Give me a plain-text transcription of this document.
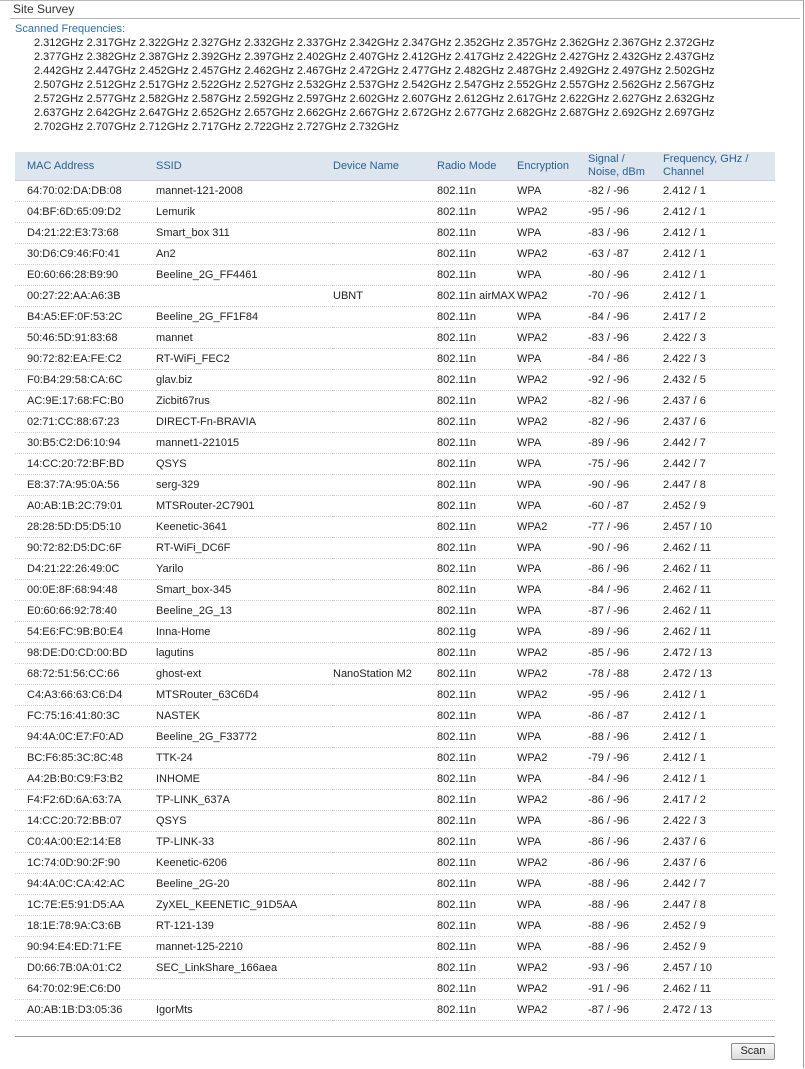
Site Survey
Scanned Frequencies:
2.312GHz 2.317GHz 2.322GHz 2.327GHz 2.332GHz 2.337GHz 2.342GHz 2.347GHz 2.352GHz 2.357GHz 2.362GHz 2.367GHz 2.372GHz 2.377GHz 2.382GHz 2.387GHz 2.392GHz 2.397GHz 2.402GHz 2.407GHz 2.412GHz 2.417GHz 2.422GHz 2.427GHz 2.432GHz 2.437GHz 2.442GHz 2.447GHz 2.452GHz 2.457GHz 2.462GHz 2.467GHz 2.472GHz 2.477GHz 2.482GHz 2.487GHz 2.492GHz 2.497GHz 2.502GHz 2.507GHz 2.512GHz 2.517GHz 2.522GHz 2.527GHz 2.532GHz 2.537GHz 2.542GHz 2.547GHz 2.552GHz 2.557GHz 2.562GHz 2.567GHz 2.572GHz 2.577GHz 2.582GHz 2.587GHz 2.592GHz 2.597GHz 2.602GHz 2.607GHz 2.612GHz 2.617GHz 2.622GHz 2.627GHz 2.632GHz 2.637GHz 2.642GHz 2.647GHz 2.652GHz 2.657GHz 2.662GHz 2.667GHz 2.672GHz 2.677GHz 2.682GHz 2.687GHz 2.692GHz 2.697GHz 2.702GHz 2.707GHz 2.712GHz 2.717GHz 2.722GHz 2.727GHz 2.732GHz
MAC Address	SSID	Device Name	Radio Mode	Encryption	Signal /
Noise, dBm	Frequency, GHz /
Channel
64:70:02:DA:DB:08	mannet-121-2008		802.11n	WPA	-82 / -96	2.412 / 1
04:BF:6D:65:09:D2	Lemurik		802.11n	WPA2	-95 / -96	2.412 / 1
D4:21:22:E3:73:68	Smart_box 311		802.11n	WPA	-83 / -96	2.412 / 1
30:D6:C9:46:F0:41	An2		802.11n	WPA2	-63 / -87	2.412 / 1
E0:60:66:28:B9:90	Beeline_2G_FF4461		802.11n	WPA	-80 / -96	2.412 / 1
00:27:22:AA:A6:3B		UBNT	802.11n airMAX	WPA2	-70 / -96	2.412 / 1
B4:A5:EF:0F:53:2C	Beeline_2G_FF1F84		802.11n	WPA	-84 / -96	2.417 / 2
50:46:5D:91:83:68	mannet		802.11n	WPA2	-83 / -96	2.422 / 3
90:72:82:EA:FE:C2	RT-WiFi_FEC2		802.11n	WPA	-84 / -86	2.422 / 3
F0:B4:29:58:CA:6C	glav.biz		802.11n	WPA2	-92 / -96	2.432 / 5
AC:9E:17:68:FC:B0	Zicbit67rus		802.11n	WPA2	-82 / -96	2.437 / 6
02:71:CC:88:67:23	DIRECT-Fn-BRAVIA		802.11n	WPA2	-82 / -96	2.437 / 6
30:B5:C2:D6:10:94	mannet1-221015		802.11n	WPA	-89 / -96	2.442 / 7
14:CC:20:72:BF:BD	QSYS		802.11n	WPA	-75 / -96	2.442 / 7
E8:37:7A:95:0A:56	serg-329		802.11n	WPA	-90 / -96	2.447 / 8
A0:AB:1B:2C:79:01	MTSRouter-2C7901		802.11n	WPA	-60 / -87	2.452 / 9
28:28:5D:D5:D5:10	Keenetic-3641		802.11n	WPA2	-77 / -96	2.457 / 10
90:72:82:D5:DC:6F	RT-WiFi_DC6F		802.11n	WPA	-90 / -96	2.462 / 11
D4:21:22:26:49:0C	Yarilo		802.11n	WPA	-86 / -96	2.462 / 11
00:0E:8F:68:94:48	Smart_box-345		802.11n	WPA	-84 / -96	2.462 / 11
E0:60:66:92:78:40	Beeline_2G_13		802.11n	WPA	-87 / -96	2.462 / 11
54:E6:FC:9B:B0:E4	Inna-Home		802.11g	WPA	-89 / -96	2.462 / 11
98:DE:D0:CD:00:BD	lagutins		802.11n	WPA2	-85 / -96	2.472 / 13
68:72:51:56:CC:66	ghost-ext	NanoStation M2	802.11n	WPA2	-78 / -88	2.472 / 13
C4:A3:66:63:C6:D4	MTSRouter_63C6D4		802.11n	WPA2	-95 / -96	2.412 / 1
FC:75:16:41:80:3C	NASTEK		802.11n	WPA	-86 / -87	2.412 / 1
94:4A:0C:E7:F0:AD	Beeline_2G_F33772		802.11n	WPA	-88 / -96	2.412 / 1
BC:F6:85:3C:8C:48	TTK-24		802.11n	WPA2	-79 / -96	2.412 / 1
A4:2B:B0:C9:F3:B2	INHOME		802.11n	WPA	-84 / -96	2.412 / 1
F4:F2:6D:6A:63:7A	TP-LINK_637A		802.11n	WPA2	-86 / -96	2.417 / 2
14:CC:20:72:BB:07	QSYS		802.11n	WPA	-86 / -96	2.422 / 3
C0:4A:00:E2:14:E8	TP-LINK-33		802.11n	WPA	-86 / -96	2.437 / 6
1C:74:0D:90:2F:90	Keenetic-6206		802.11n	WPA2	-86 / -96	2.437 / 6
94:4A:0C:CA:42:AC	Beeline_2G-20		802.11n	WPA	-88 / -96	2.442 / 7
1C:7E:E5:91:D5:AA	ZyXEL_KEENETIC_91D5AA		802.11n	WPA	-88 / -96	2.447 / 8
18:1E:78:9A:C3:6B	RT-121-139		802.11n	WPA	-88 / -96	2.452 / 9
90:94:E4:ED:71:FE	mannet-125-2210		802.11n	WPA	-88 / -96	2.452 / 9
D0:66:7B:0A:01:C2	SEC_LinkShare_166aea		802.11n	WPA2	-93 / -96	2.457 / 10
64:70:02:9E:C6:D0			802.11n	WPA2	-91 / -96	2.462 / 11
A0:AB:1B:D3:05:36	IgorMts		802.11n	WPA2	-87 / -96	2.472 / 13
Scan
